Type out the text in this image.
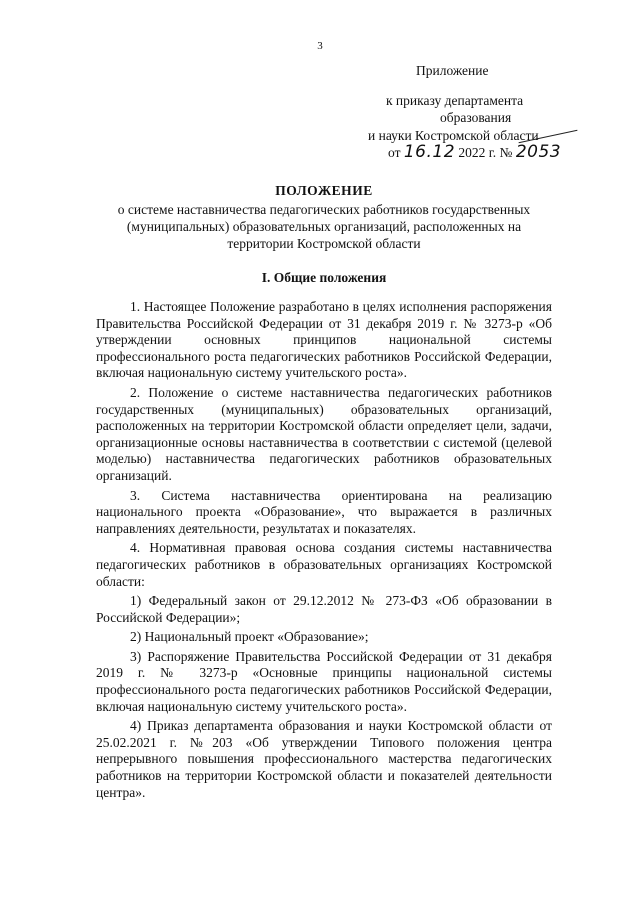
3
Приложение
к приказу департамента
образования
и науки Костромской области
от 16.12 2022 г. № 2053
ПОЛОЖЕНИЕ
о системе наставничества педагогических работников государственных (муниципальных) образовательных организаций, расположенных на территории Костромской области
I. Общие положения

1. Настоящее Положение разработано в целях исполнения распоряжения Правительства Российской Федерации от 31 декабря 2019 г. № 3273-р «Об утверждении основных принципов национальной системы профессионального роста педагогических работников Российской Федерации, включая национальную систему учительского роста».

2. Положение о системе наставничества педагогических работников государственных (муниципальных) образовательных организаций, расположенных на территории Костромской области определяет цели, задачи, организационные основы наставничества в соответствии с системой (целевой моделью) наставничества педагогических работников образовательных организаций.

3. Система наставничества ориентирована на реализацию национального проекта «Образование», что выражается в различных направлениях деятельности, результатах и показателях.

4. Нормативная правовая основа создания системы наставничества педагогических работников в образовательных организациях Костромской области:

1) Федеральный закон от 29.12.2012 № 273-ФЗ «Об образовании в Российской Федерации»;

2) Национальный проект «Образование»;

3) Распоряжение Правительства Российской Федерации от 31 декабря 2019 г. № 3273-р «Основные принципы национальной системы профессионального роста педагогических работников Российской Федерации, включая национальную систему учительского роста».

4) Приказ департамента образования и науки Костромской области от 25.02.2021 г. №203 «Об утверждении Типового положения центра непрерывного повышения профессионального мастерства педагогических работников на территории Костромской области и показателей деятельности центра».
